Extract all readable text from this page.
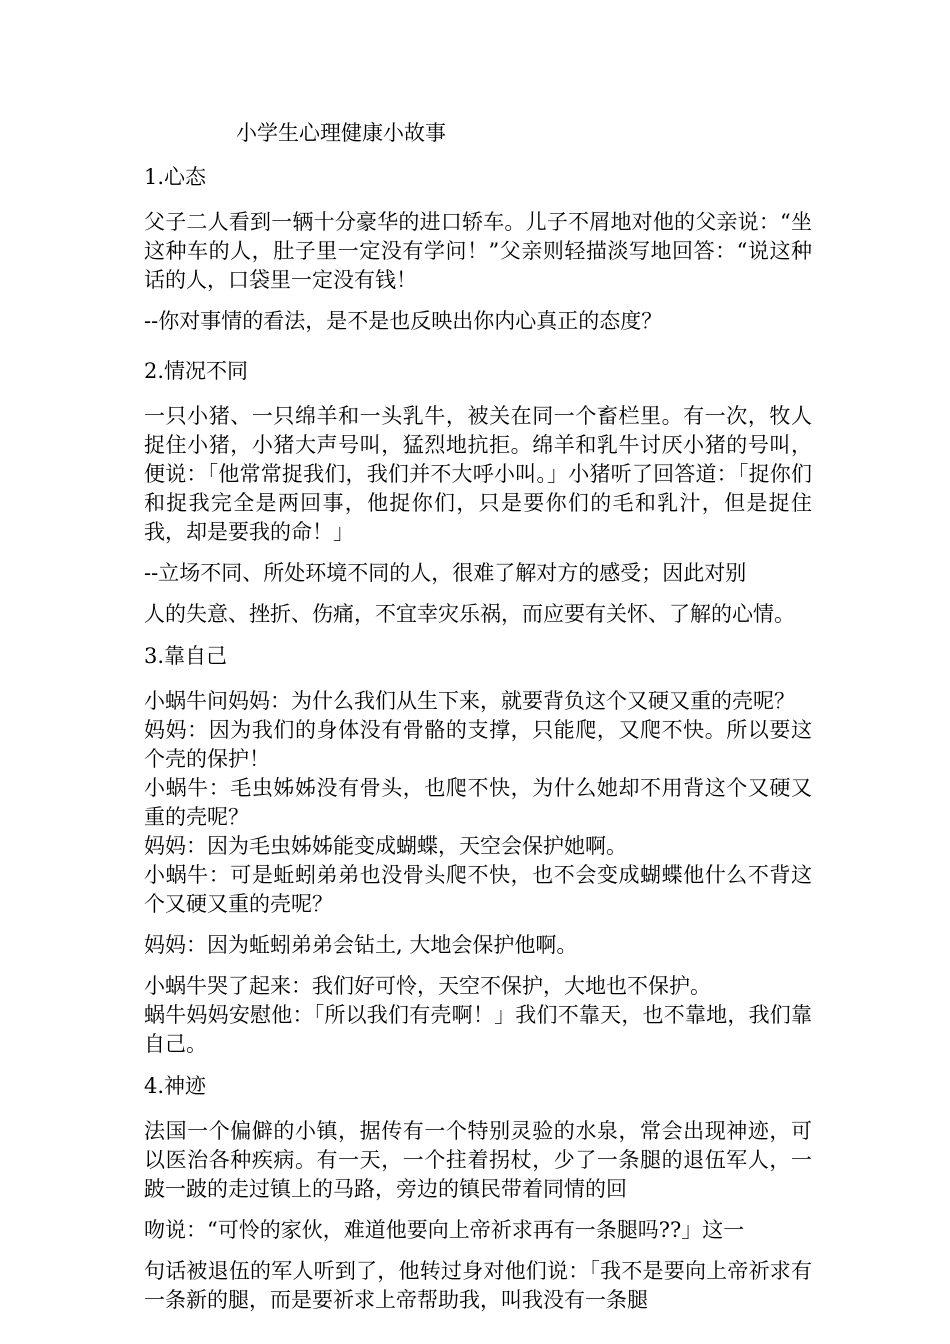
小学生心理健康小故事
1.心态

父子二人看到一辆十分豪华的进口轿车。儿子不屑地对他的父亲说：“坐这种车的人，肚子里一定没有学问！”父亲则轻描淡写地回答：“说这种话的人，口袋里一定没有钱！

--你对事情的看法，是不是也反映出你内心真正的态度？

2.情况不同

一只小猪、一只绵羊和一头乳牛，被关在同一个畜栏里。有一次，牧人捉住小猪，小猪大声号叫，猛烈地抗拒。绵羊和乳牛讨厌小猪的号叫，便说：「他常常捉我们，我们并不大呼小叫。」小猪听了回答道：「捉你们和捉我完全是两回事，他捉你们，只是要你们的毛和乳汁，但是捉住我，却是要我的命！」

--立场不同、所处环境不同的人，很难了解对方的感受；因此对别

人的失意、挫折、伤痛，不宜幸灾乐祸，而应要有关怀、了解的心情。

3.靠自己

小蜗牛问妈妈：为什么我们从生下来，就要背负这个又硬又重的壳呢？

妈妈：因为我们的身体没有骨骼的支撑，只能爬，又爬不快。所以要这个壳的保护！

小蜗牛：毛虫姊姊没有骨头，也爬不快，为什么她却不用背这个又硬又重的壳呢？

妈妈：因为毛虫姊姊能变成蝴蝶，天空会保护她啊。

小蜗牛：可是蚯蚓弟弟也没骨头爬不快，也不会变成蝴蝶他什么不背这个又硬又重的壳呢？

妈妈：因为蚯蚓弟弟会钻土, 大地会保护他啊。

小蜗牛哭了起来：我们好可怜，天空不保护，大地也不保护。

蜗牛妈妈安慰他：「所以我们有壳啊！」我们不靠天，也不靠地，我们靠自己。

4.神迹

法国一个偏僻的小镇，据传有一个特别灵验的水泉，常会出现神迹，可以医治各种疾病。有一天，一个拄着拐杖，少了一条腿的退伍军人，一跛一跛的走过镇上的马路，旁边的镇民带着同情的回

吻说：“可怜的家伙，难道他要向上帝祈求再有一条腿吗??」这一

句话被退伍的军人听到了，他转过身对他们说：「我不是要向上帝祈求有一条新的腿，而是要祈求上帝帮助我，叫我没有一条腿
